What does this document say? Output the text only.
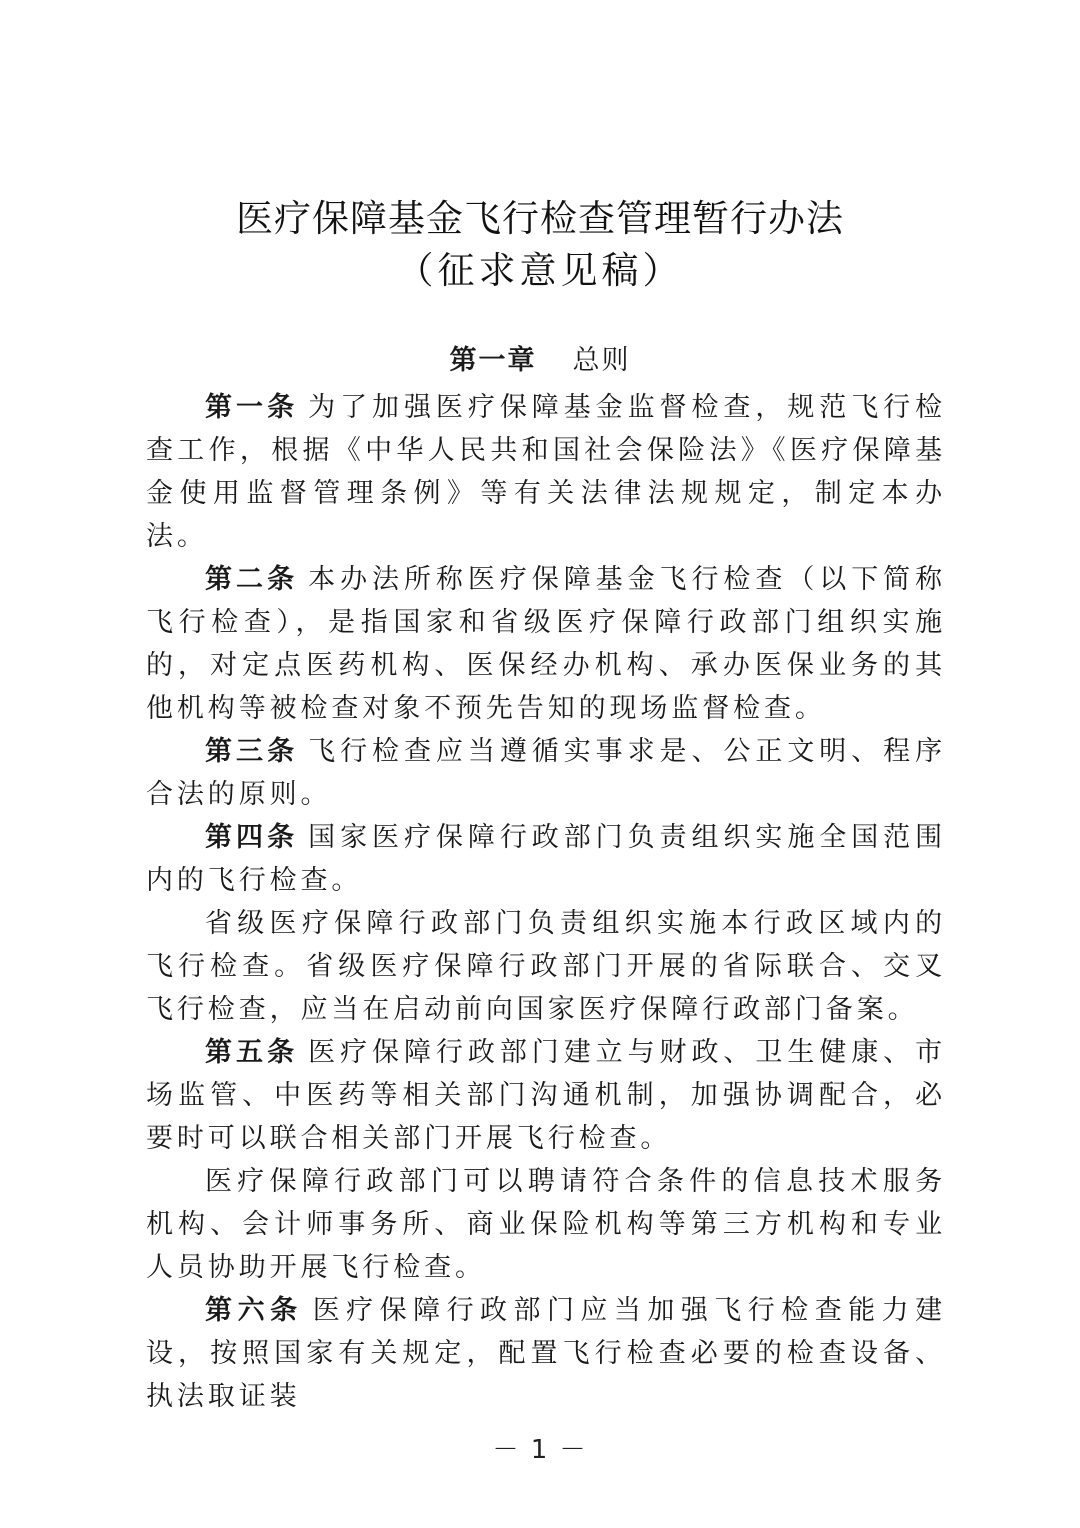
医疗保障基金飞行检查管理暂行办法
（征求意见稿）
第一章 总则

第一条 为了加强医疗保障基金监督检查，规范飞行检查工作，根据《中华人民共和国社会保险法》《医疗保障基金使用监督管理条例》等有关法律法规规定，制定本办法。

第二条 本办法所称医疗保障基金飞行检查（以下简称飞行检查），是指国家和省级医疗保障行政部门组织实施的，对定点医药机构、医保经办机构、承办医保业务的其他机构等被检查对象不预先告知的现场监督检查。

第三条 飞行检查应当遵循实事求是、公正文明、程序合法的原则。

第四条 国家医疗保障行政部门负责组织实施全国范围内的飞行检查。

省级医疗保障行政部门负责组织实施本行政区域内的飞行检查。省级医疗保障行政部门开展的省际联合、交叉飞行检查，应当在启动前向国家医疗保障行政部门备案。

第五条 医疗保障行政部门建立与财政、卫生健康、市场监管、中医药等相关部门沟通机制，加强协调配合，必要时可以联合相关部门开展飞行检查。

医疗保障行政部门可以聘请符合条件的信息技术服务机构、会计师事务所、商业保险机构等第三方机构和专业人员协助开展飞行检查。

第六条 医疗保障行政部门应当加强飞行检查能力建设，按照国家有关规定，配置飞行检查必要的检查设备、执法取证装

－ 1 －
